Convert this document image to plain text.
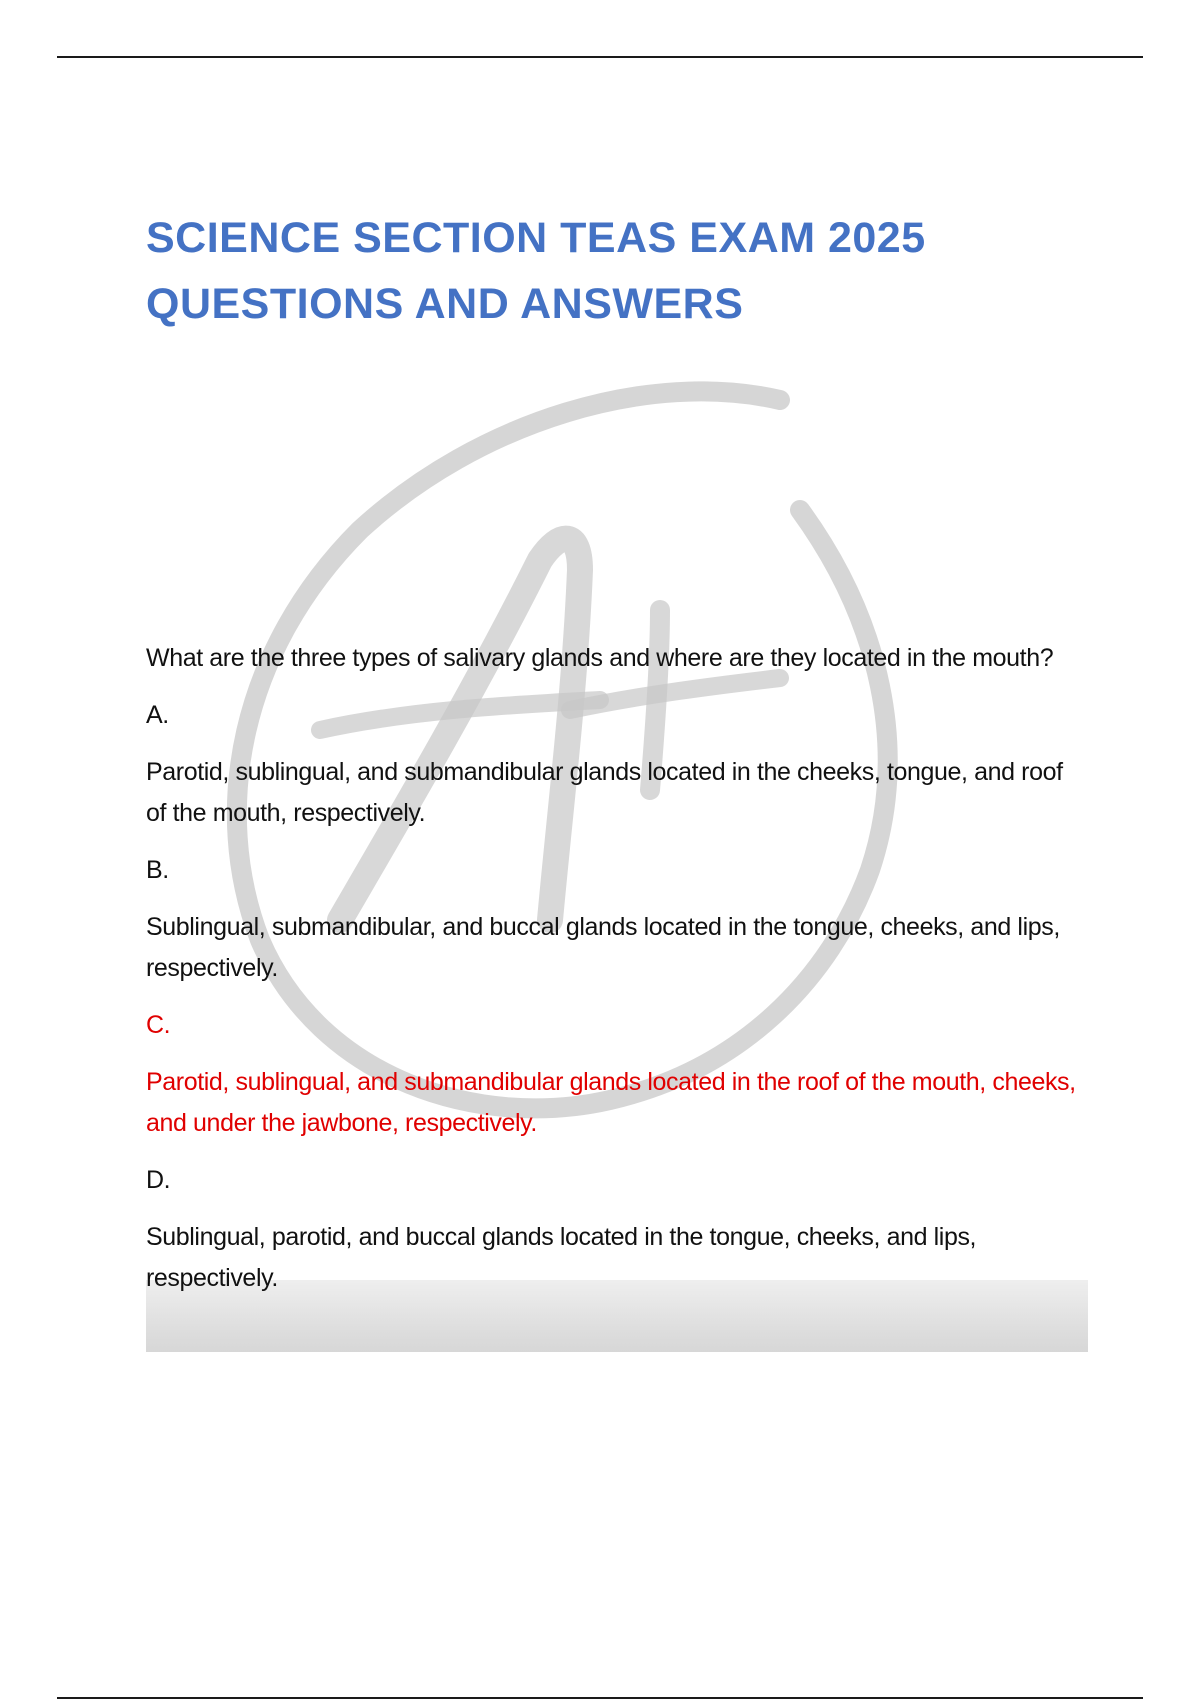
SCIENCE SECTION TEAS EXAM 2025
QUESTIONS AND ANSWERS

What are the three types of salivary glands and where are they located in the mouth?

A.

Parotid, sublingual, and submandibular glands located in the cheeks, tongue, and roof of the mouth, respectively.

B.

Sublingual, submandibular, and buccal glands located in the tongue, cheeks, and lips, respectively.

C.

Parotid, sublingual, and submandibular glands located in the roof of the mouth, cheeks, and under the jawbone, respectively.

D.

Sublingual, parotid, and buccal glands located in the tongue, cheeks, and lips, respectively.
